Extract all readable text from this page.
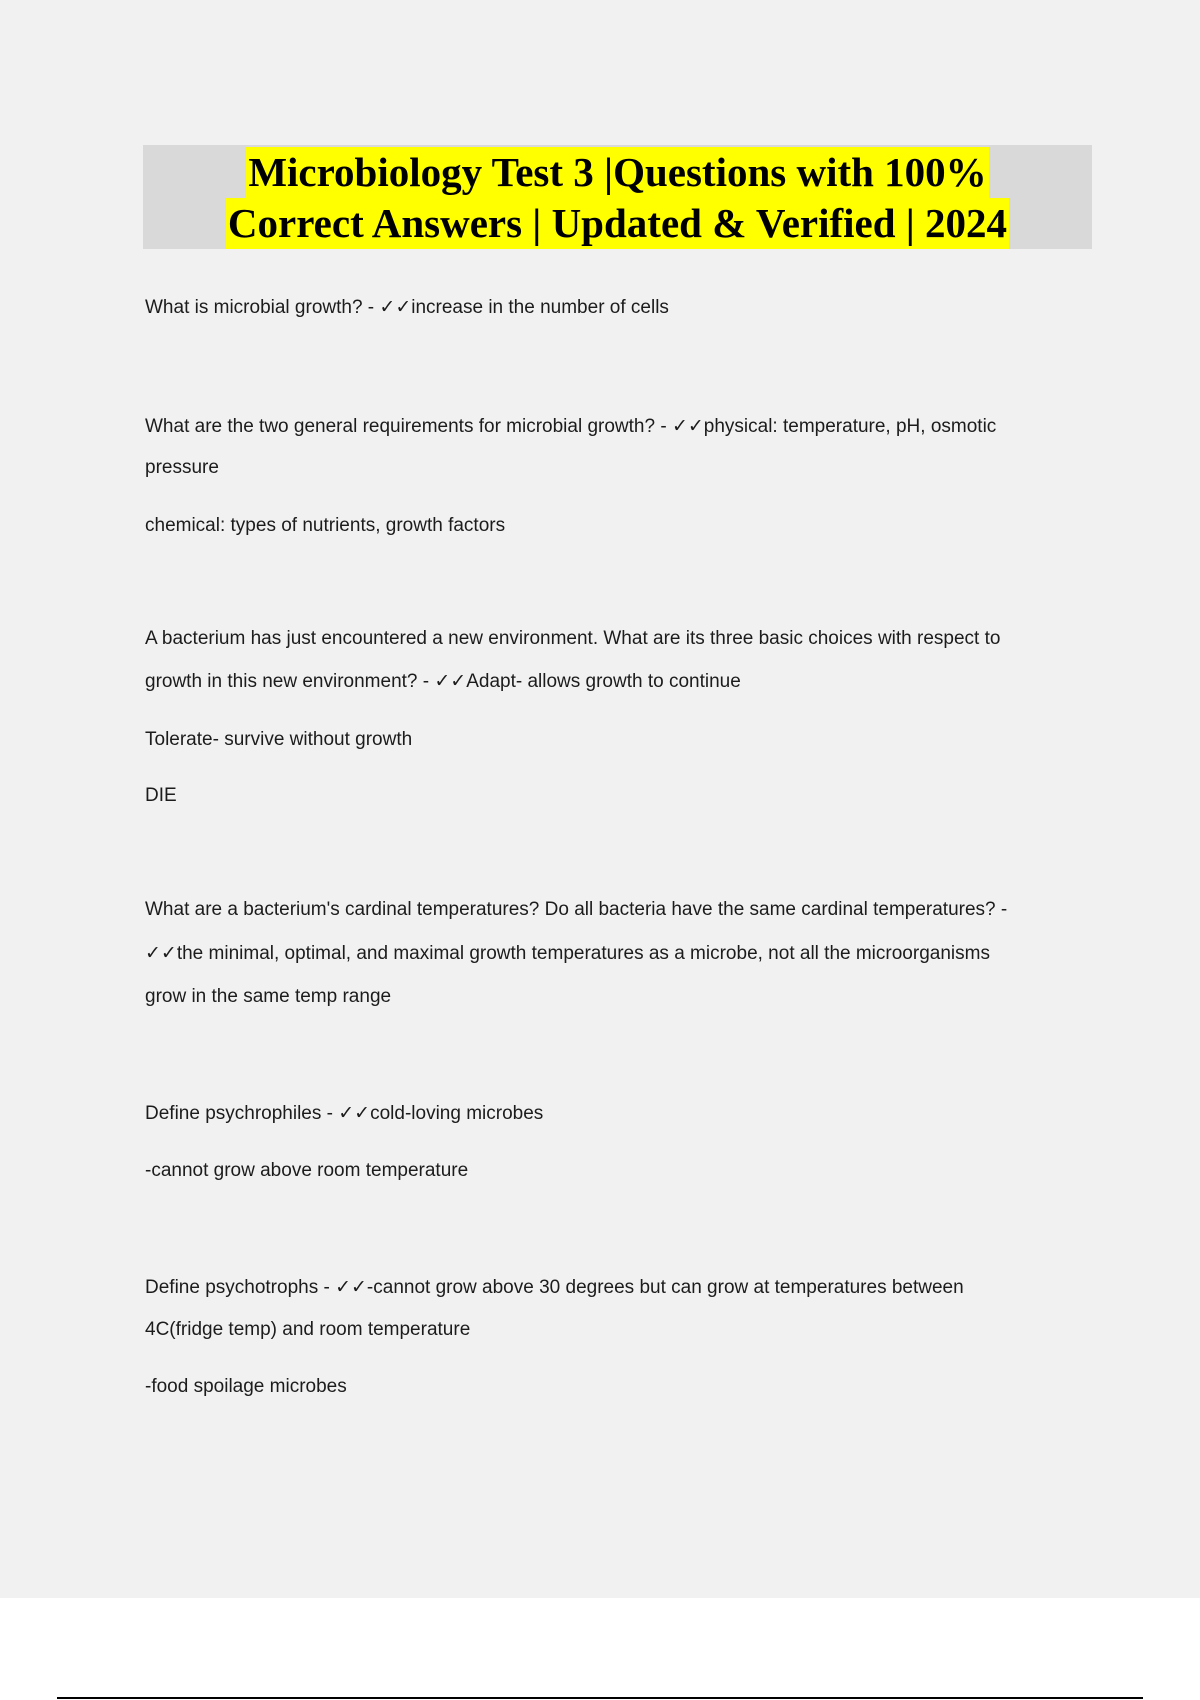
Microbiology Test 3 |Questions with 100%
Correct Answers | Updated & Verified | 2024
What is microbial growth? - ✓✓increase in the number of cells
What are the two general requirements for microbial growth? - ✓✓physical: temperature, pH, osmotic
pressure
chemical: types of nutrients, growth factors
A bacterium has just encountered a new environment. What are its three basic choices with respect to
growth in this new environment? - ✓✓Adapt- allows growth to continue
Tolerate- survive without growth
DIE
What are a bacterium's cardinal temperatures? Do all bacteria have the same cardinal temperatures? -
✓✓the minimal, optimal, and maximal growth temperatures as a microbe, not all the microorganisms
grow in the same temp range
Define psychrophiles - ✓✓cold-loving microbes
-cannot grow above room temperature
Define psychotrophs - ✓✓-cannot grow above 30 degrees but can grow at temperatures between
4C(fridge temp) and room temperature
-food spoilage microbes
